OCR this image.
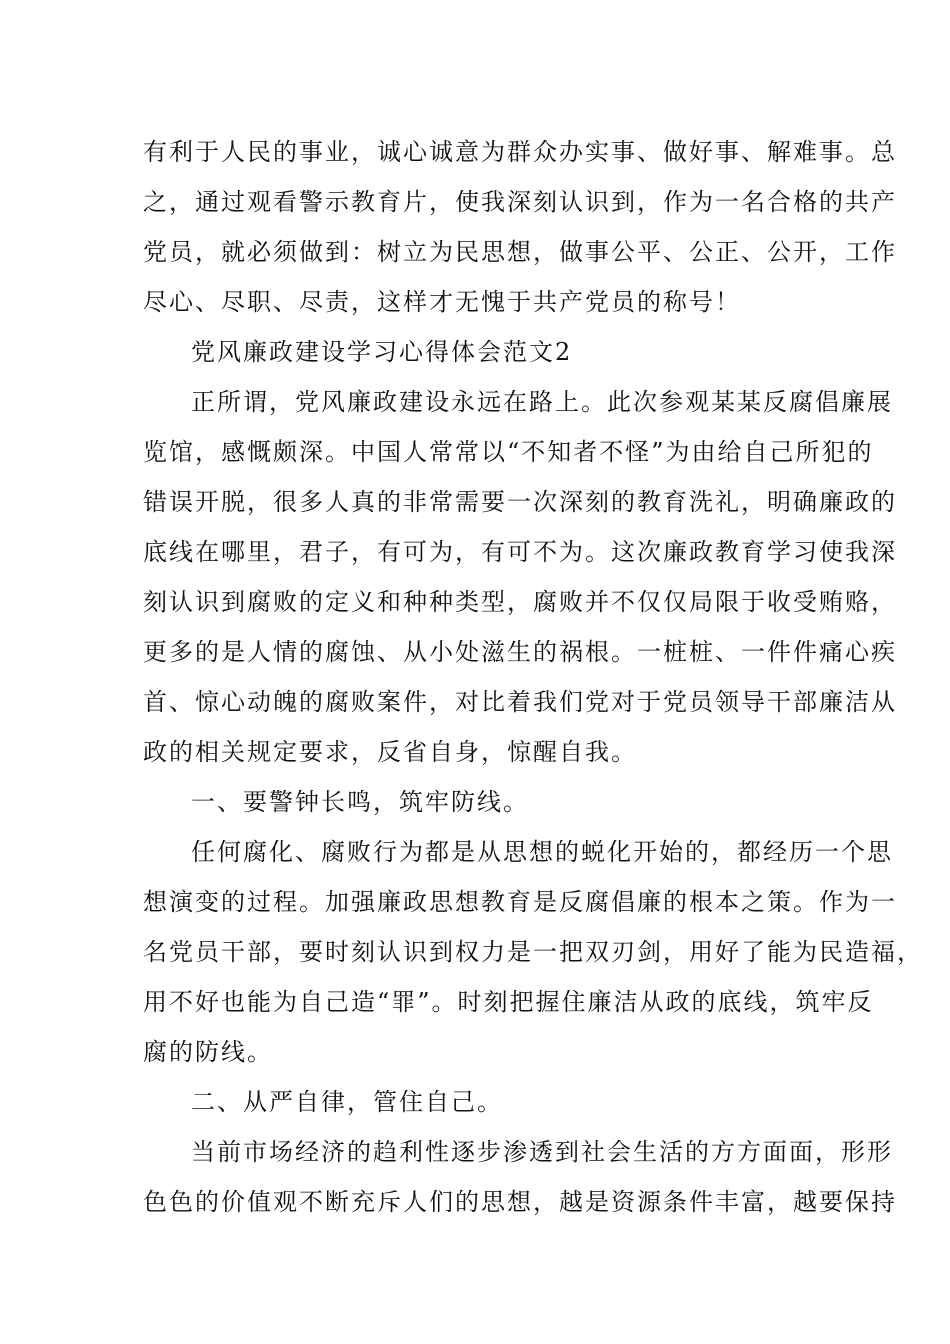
有利于人民的事业，诚心诚意为群众办实事、做好事、解难事。总
之，通过观看警示教育片，使我深刻认识到，作为一名合格的共产
党员，就必须做到：树立为民思想，做事公平、公正、公开，工作
尽心、尽职、尽责，这样才无愧于共产党员的称号！
党风廉政建设学习心得体会范文2
正所谓，党风廉政建设永远在路上。此次参观某某反腐倡廉展
览馆，感慨颇深。中国人常常以“不知者不怪”为由给自己所犯的
错误开脱，很多人真的非常需要一次深刻的教育洗礼，明确廉政的
底线在哪里，君子，有可为，有可不为。这次廉政教育学习使我深
刻认识到腐败的定义和种种类型，腐败并不仅仅局限于收受贿赂，
更多的是人情的腐蚀、从小处滋生的祸根。一桩桩、一件件痛心疾
首、惊心动魄的腐败案件，对比着我们党对于党员领导干部廉洁从
政的相关规定要求，反省自身，惊醒自我。
一、要警钟长鸣，筑牢防线。
任何腐化、腐败行为都是从思想的蜕化开始的，都经历一个思
想演变的过程。加强廉政思想教育是反腐倡廉的根本之策。作为一
名党员干部，要时刻认识到权力是一把双刃剑，用好了能为民造福，
用不好也能为自己造“罪”。时刻把握住廉洁从政的底线，筑牢反
腐的防线。
二、从严自律，管住自己。
当前市场经济的趋利性逐步渗透到社会生活的方方面面，形形
色色的价值观不断充斥人们的思想，越是资源条件丰富，越要保持
